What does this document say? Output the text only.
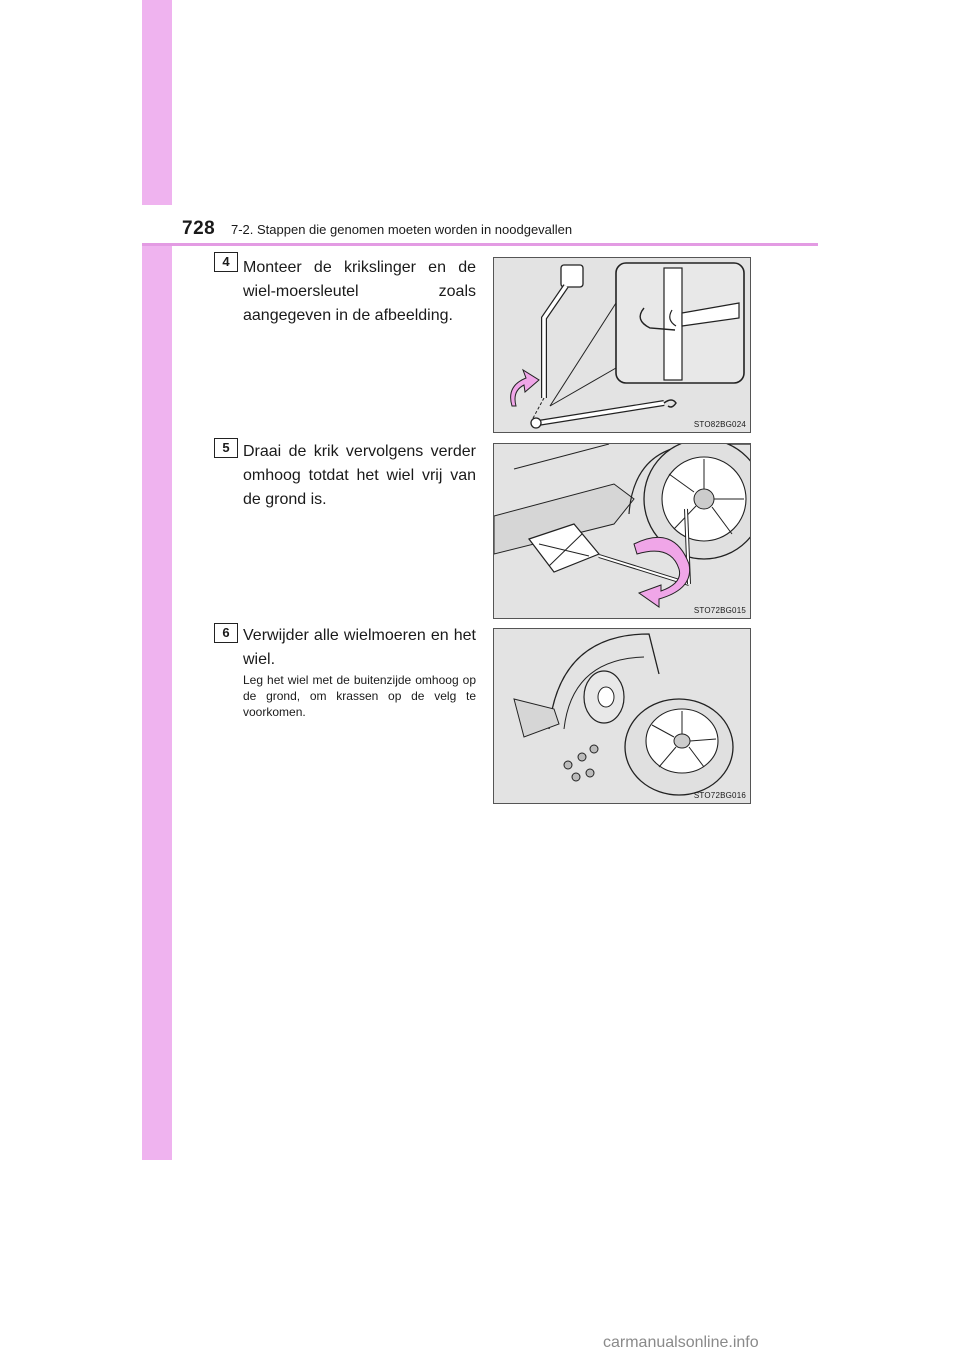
728 7-2. Stappen die genomen moeten worden in noodgevallen
4 Monteer de krikslinger en de wiel-moersleutel zoals aangegeven in de afbeelding.
STO82BG024
5 Draai de krik vervolgens verder omhoog totdat het wiel vrij van de grond is.
STO72BG015
6 Verwijder alle wielmoeren en het wiel.
Leg het wiel met de buitenzijde omhoog op de grond, om krassen op de velg te voorkomen.
STO72BG016
carmanualsonline.info
